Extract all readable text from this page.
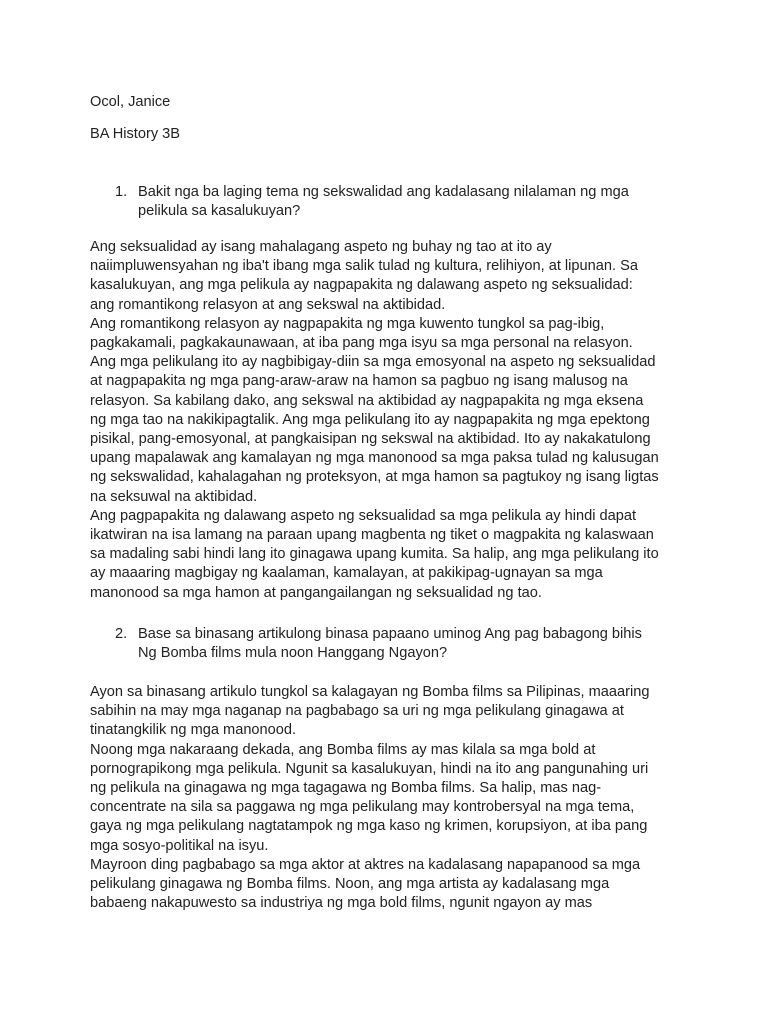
Ocol, Janice

BA History 3B

1. Bakit nga ba laging tema ng sekswalidad ang kadalasang nilalaman ng mga

pelikula sa kasalukuyan?

Ang seksualidad ay isang mahalagang aspeto ng buhay ng tao at ito ay

naiimpluwensyahan ng iba't ibang mga salik tulad ng kultura, relihiyon, at lipunan. Sa

kasalukuyan, ang mga pelikula ay nagpapakita ng dalawang aspeto ng seksualidad:

ang romantikong relasyon at ang sekswal na aktibidad.

Ang romantikong relasyon ay nagpapakita ng mga kuwento tungkol sa pag-ibig,

pagkakamali, pagkakaunawaan, at iba pang mga isyu sa mga personal na relasyon.

Ang mga pelikulang ito ay nagbibigay-diin sa mga emosyonal na aspeto ng seksualidad

at nagpapakita ng mga pang-araw-araw na hamon sa pagbuo ng isang malusog na

relasyon. Sa kabilang dako, ang sekswal na aktibidad ay nagpapakita ng mga eksena

ng mga tao na nakikipagtalik. Ang mga pelikulang ito ay nagpapakita ng mga epektong

pisikal, pang-emosyonal, at pangkaisipan ng sekswal na aktibidad. Ito ay nakakatulong

upang mapalawak ang kamalayan ng mga manonood sa mga paksa tulad ng kalusugan

ng sekswalidad, kahalagahan ng proteksyon, at mga hamon sa pagtukoy ng isang ligtas

na seksuwal na aktibidad.

Ang pagpapakita ng dalawang aspeto ng seksualidad sa mga pelikula ay hindi dapat

ikatwiran na isa lamang na paraan upang magbenta ng tiket o magpakita ng kalaswaan

sa madaling sabi hindi lang ito ginagawa upang kumita. Sa halip, ang mga pelikulang ito

ay maaaring magbigay ng kaalaman, kamalayan, at pakikipag-ugnayan sa mga

manonood sa mga hamon at pangangailangan ng seksualidad ng tao.

2. Base sa binasang artikulong binasa papaano uminog Ang pag babagong bihis

Ng Bomba films mula noon Hanggang Ngayon?

Ayon sa binasang artikulo tungkol sa kalagayan ng Bomba films sa Pilipinas, maaaring

sabihin na may mga naganap na pagbabago sa uri ng mga pelikulang ginagawa at

tinatangkilik ng mga manonood.

Noong mga nakaraang dekada, ang Bomba films ay mas kilala sa mga bold at

pornograpikong mga pelikula. Ngunit sa kasalukuyan, hindi na ito ang pangunahing uri

ng pelikula na ginagawa ng mga tagagawa ng Bomba films. Sa halip, mas nag-

concentrate na sila sa paggawa ng mga pelikulang may kontrobersyal na mga tema,

gaya ng mga pelikulang nagtatampok ng mga kaso ng krimen, korupsiyon, at iba pang

mga sosyo-politikal na isyu.

Mayroon ding pagbabago sa mga aktor at aktres na kadalasang napapanood sa mga

pelikulang ginagawa ng Bomba films. Noon, ang mga artista ay kadalasang mga

babaeng nakapuwesto sa industriya ng mga bold films, ngunit ngayon ay mas
